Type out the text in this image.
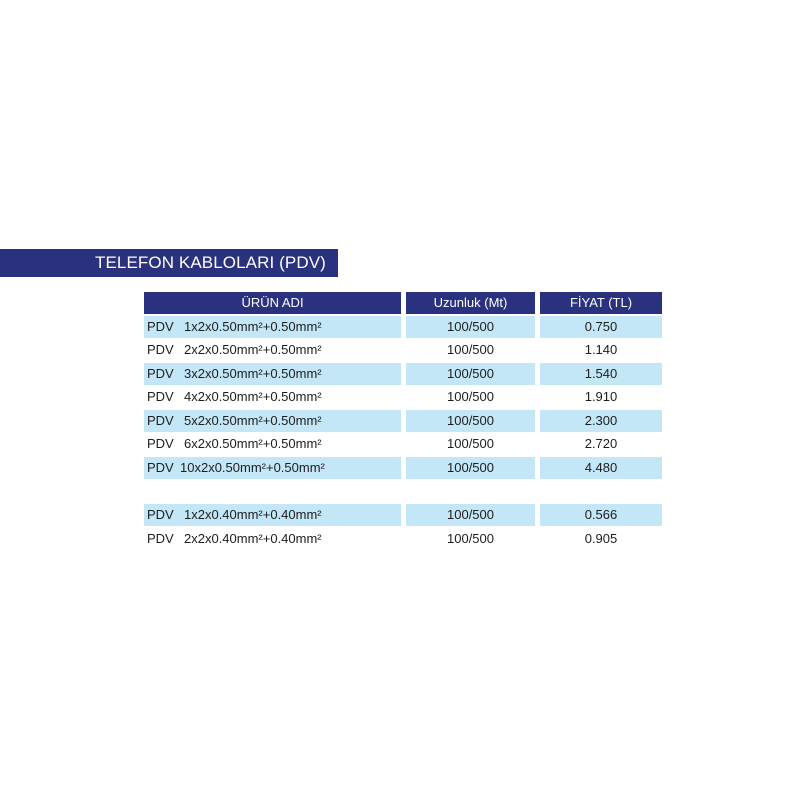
TELEFON KABLOLARI (PDV)
ÜRÜN ADI	Uzunluk (Mt)	FİYAT (TL)
PDV 1x2x0.50mm²+0.50mm²	100/500	0.750
PDV 2x2x0.50mm²+0.50mm²	100/500	1.140
PDV 3x2x0.50mm²+0.50mm²	100/500	1.540
PDV 4x2x0.50mm²+0.50mm²	100/500	1.910
PDV 5x2x0.50mm²+0.50mm²	100/500	2.300
PDV 6x2x0.50mm²+0.50mm²	100/500	2.720
PDV 10x2x0.50mm²+0.50mm²	100/500	4.480
PDV 1x2x0.40mm²+0.40mm²	100/500	0.566
PDV 2x2x0.40mm²+0.40mm²	100/500	0.905
